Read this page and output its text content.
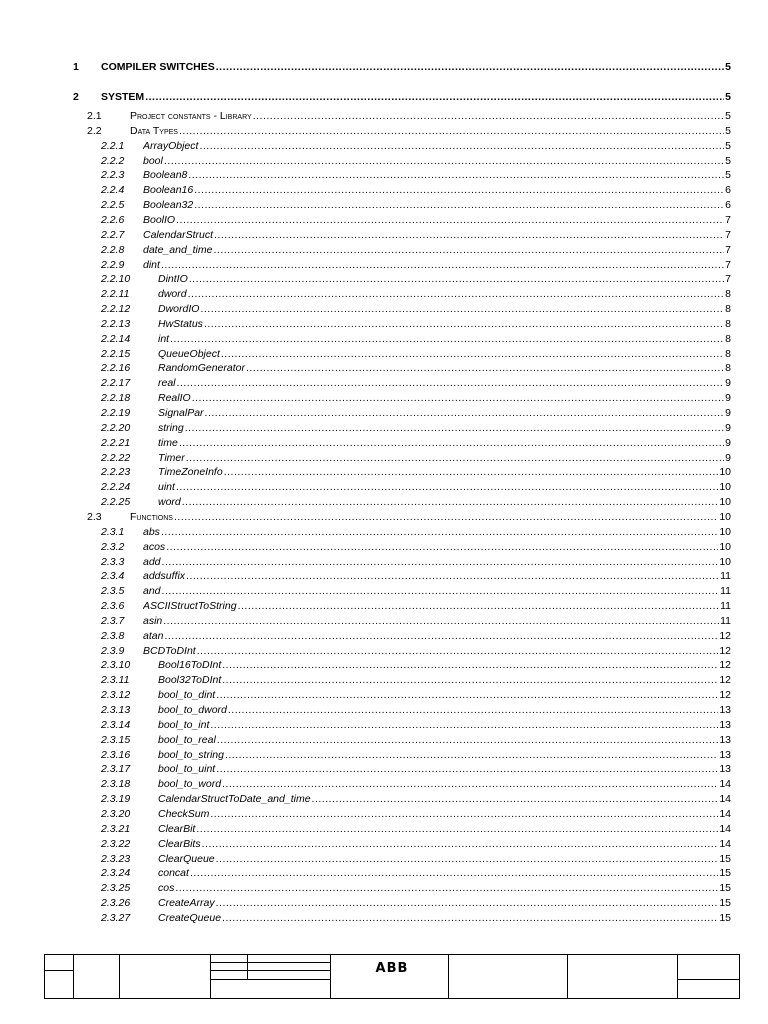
1 COMPILER SWITCHES .....	5
2 SYSTEM .....	5
2.1	Project constants - Library .....	5
2.2	Data Types .....	5
2.2.1 ArrayObject .....	5
2.2.2 bool .....	5
2.2.3 Boolean8 .....	5
2.2.4 Boolean16 .....	6
2.2.5 Boolean32 .....	6
2.2.6 BoolIO .....	7
2.2.7 CalendarStruct .....	7
2.2.8 date_and_time .....	7
2.2.9 dint .....	7
2.2.10	DintIO .....	7
2.2.11	dword .....	8
2.2.12	DwordIO .....	8
2.2.13	HwStatus .....	8
2.2.14	int .....	8
2.2.15	QueueObject .....	8
2.2.16	RandomGenerator .....	8
2.2.17	real .....	9
2.2.18	RealIO .....	9
2.2.19	SignalPar .....	9
2.2.20	string .....	9
2.2.21	time .....	9
2.2.22	Timer .....	9
2.2.23	TimeZoneInfo .....	10
2.2.24	uint .....	10
2.2.25	word .....	10
2.3	Functions .....	10
2.3.1 abs .....	10
2.3.2 acos .....	10
2.3.3 add .....	10
2.3.4 addsuffix .....	11
2.3.5 and .....	11
2.3.6 ASCIIStructToString .....	11
2.3.7 asin .....	11
2.3.8 atan .....	12
2.3.9 BCDToDInt .....	12
2.3.10	Bool16ToDInt .....	12
2.3.11	Bool32ToDInt .....	12
2.3.12	bool_to_dint .....	12
2.3.13	bool_to_dword .....	13
2.3.14	bool_to_int .....	13
2.3.15	bool_to_real .....	13
2.3.16	bool_to_string .....	13
2.3.17	bool_to_uint .....	13
2.3.18	bool_to_word .....	14
2.3.19	CalendarStructToDate_and_time .....	14
2.3.20	CheckSum .....	14
2.3.21	ClearBit .....	14
2.3.22	ClearBits .....	14
2.3.23	ClearQueue .....	15
2.3.24	concat .....	15
2.3.25	cos .....	15
2.3.26	CreateArray .....	15
2.3.27	CreateQueue .....	15
ABB
